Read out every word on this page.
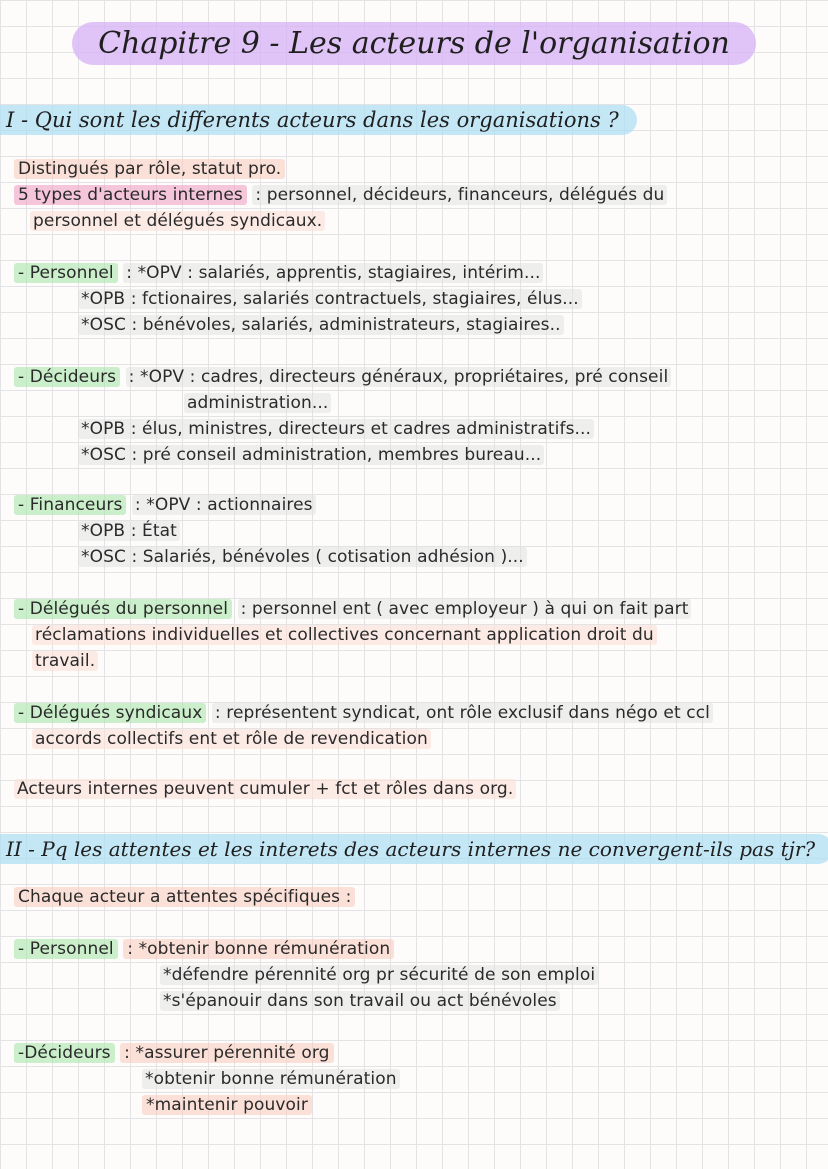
Chapitre 9 - Les acteurs de l'organisation
I - Qui sont les differents acteurs dans les organisations ?
Distingués par rôle, statut pro.
5 types d'acteurs internes : personnel, décideurs, financeurs, délégués du
personnel et délégués syndicaux.
- Personnel : *OPV : salariés, apprentis, stagiaires, intérim...
*OPB : fctionaires, salariés contractuels, stagiaires, élus...
*OSC : bénévoles, salariés, administrateurs, stagiaires..
- Décideurs : *OPV : cadres, directeurs généraux, propriétaires, pré conseil
administration...
*OPB : élus, ministres, directeurs et cadres administratifs...
*OSC : pré conseil administration, membres bureau...
- Financeurs : *OPV : actionnaires
*OPB : État
*OSC : Salariés, bénévoles ( cotisation adhésion )...
- Délégués du personnel : personnel ent ( avec employeur ) à qui on fait part
réclamations individuelles et collectives concernant application droit du
travail.
- Délégués syndicaux : représentent syndicat, ont rôle exclusif dans négo et ccl
accords collectifs ent et rôle de revendication
Acteurs internes peuvent cumuler + fct et rôles dans org.
II - Pq les attentes et les interets des acteurs internes ne convergent-ils pas tjr?
Chaque acteur a attentes spécifiques :
- Personnel : *obtenir bonne rémunération
*défendre pérennité org pr sécurité de son emploi
*s'épanouir dans son travail ou act bénévoles
-Décideurs : *assurer pérennité org
*obtenir bonne rémunération
*maintenir pouvoir
